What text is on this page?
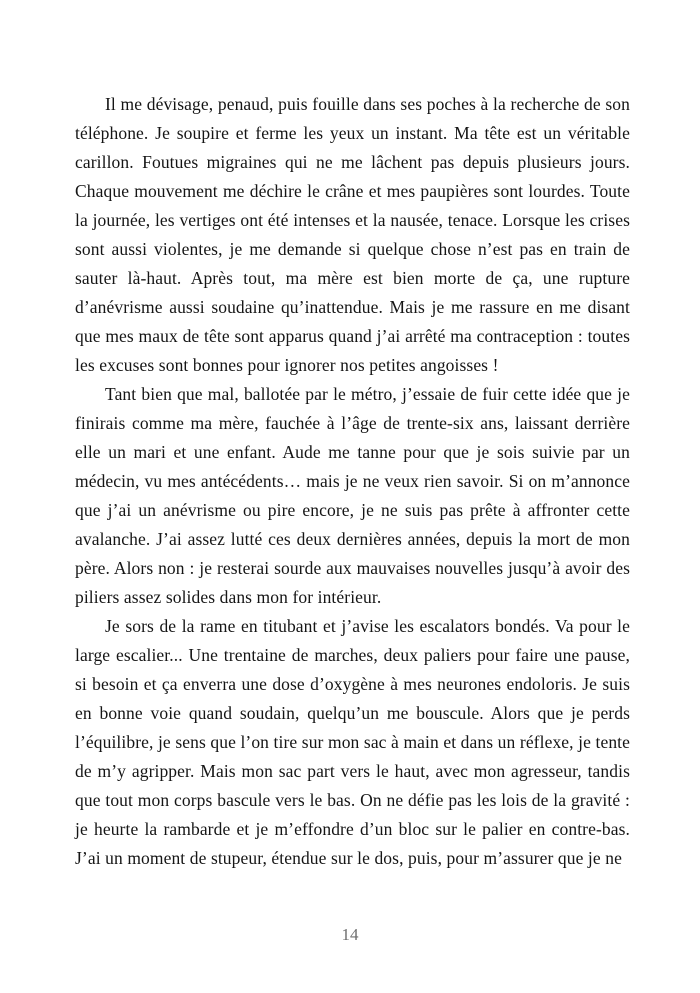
Il me dévisage, penaud, puis fouille dans ses poches à la recherche de son téléphone. Je soupire et ferme les yeux un instant. Ma tête est un véritable carillon. Foutues migraines qui ne me lâchent pas depuis plusieurs jours. Chaque mouvement me déchire le crâne et mes paupières sont lourdes. Toute la journée, les vertiges ont été intenses et la nausée, tenace. Lorsque les crises sont aussi violentes, je me demande si quelque chose n’est pas en train de sauter là-haut. Après tout, ma mère est bien morte de ça, une rupture d’anévrisme aussi soudaine qu’inattendue. Mais je me rassure en me disant que mes maux de tête sont apparus quand j’ai arrêté ma contraception : toutes les excuses sont bonnes pour ignorer nos petites angoisses !

Tant bien que mal, ballotée par le métro, j’essaie de fuir cette idée que je finirais comme ma mère, fauchée à l’âge de trente-six ans, laissant derrière elle un mari et une enfant. Aude me tanne pour que je sois suivie par un médecin, vu mes antécédents… mais je ne veux rien savoir. Si on m’annonce que j’ai un anévrisme ou pire encore, je ne suis pas prête à affronter cette avalanche. J’ai assez lutté ces deux dernières années, depuis la mort de mon père. Alors non : je resterai sourde aux mauvaises nouvelles jusqu’à avoir des piliers assez solides dans mon for intérieur.

Je sors de la rame en titubant et j’avise les escalators bondés. Va pour le large escalier... Une trentaine de marches, deux paliers pour faire une pause, si besoin et ça enverra une dose d’oxygène à mes neurones endoloris. Je suis en bonne voie quand soudain, quelqu’un me bouscule. Alors que je perds l’équilibre, je sens que l’on tire sur mon sac à main et dans un réflexe, je tente de m’y agripper. Mais mon sac part vers le haut, avec mon agresseur, tandis que tout mon corps bascule vers le bas. On ne défie pas les lois de la gravité : je heurte la rambarde et je m’effondre d’un bloc sur le palier en contre-bas. J’ai un moment de stupeur, étendue sur le dos, puis, pour m’assurer que je ne

14
